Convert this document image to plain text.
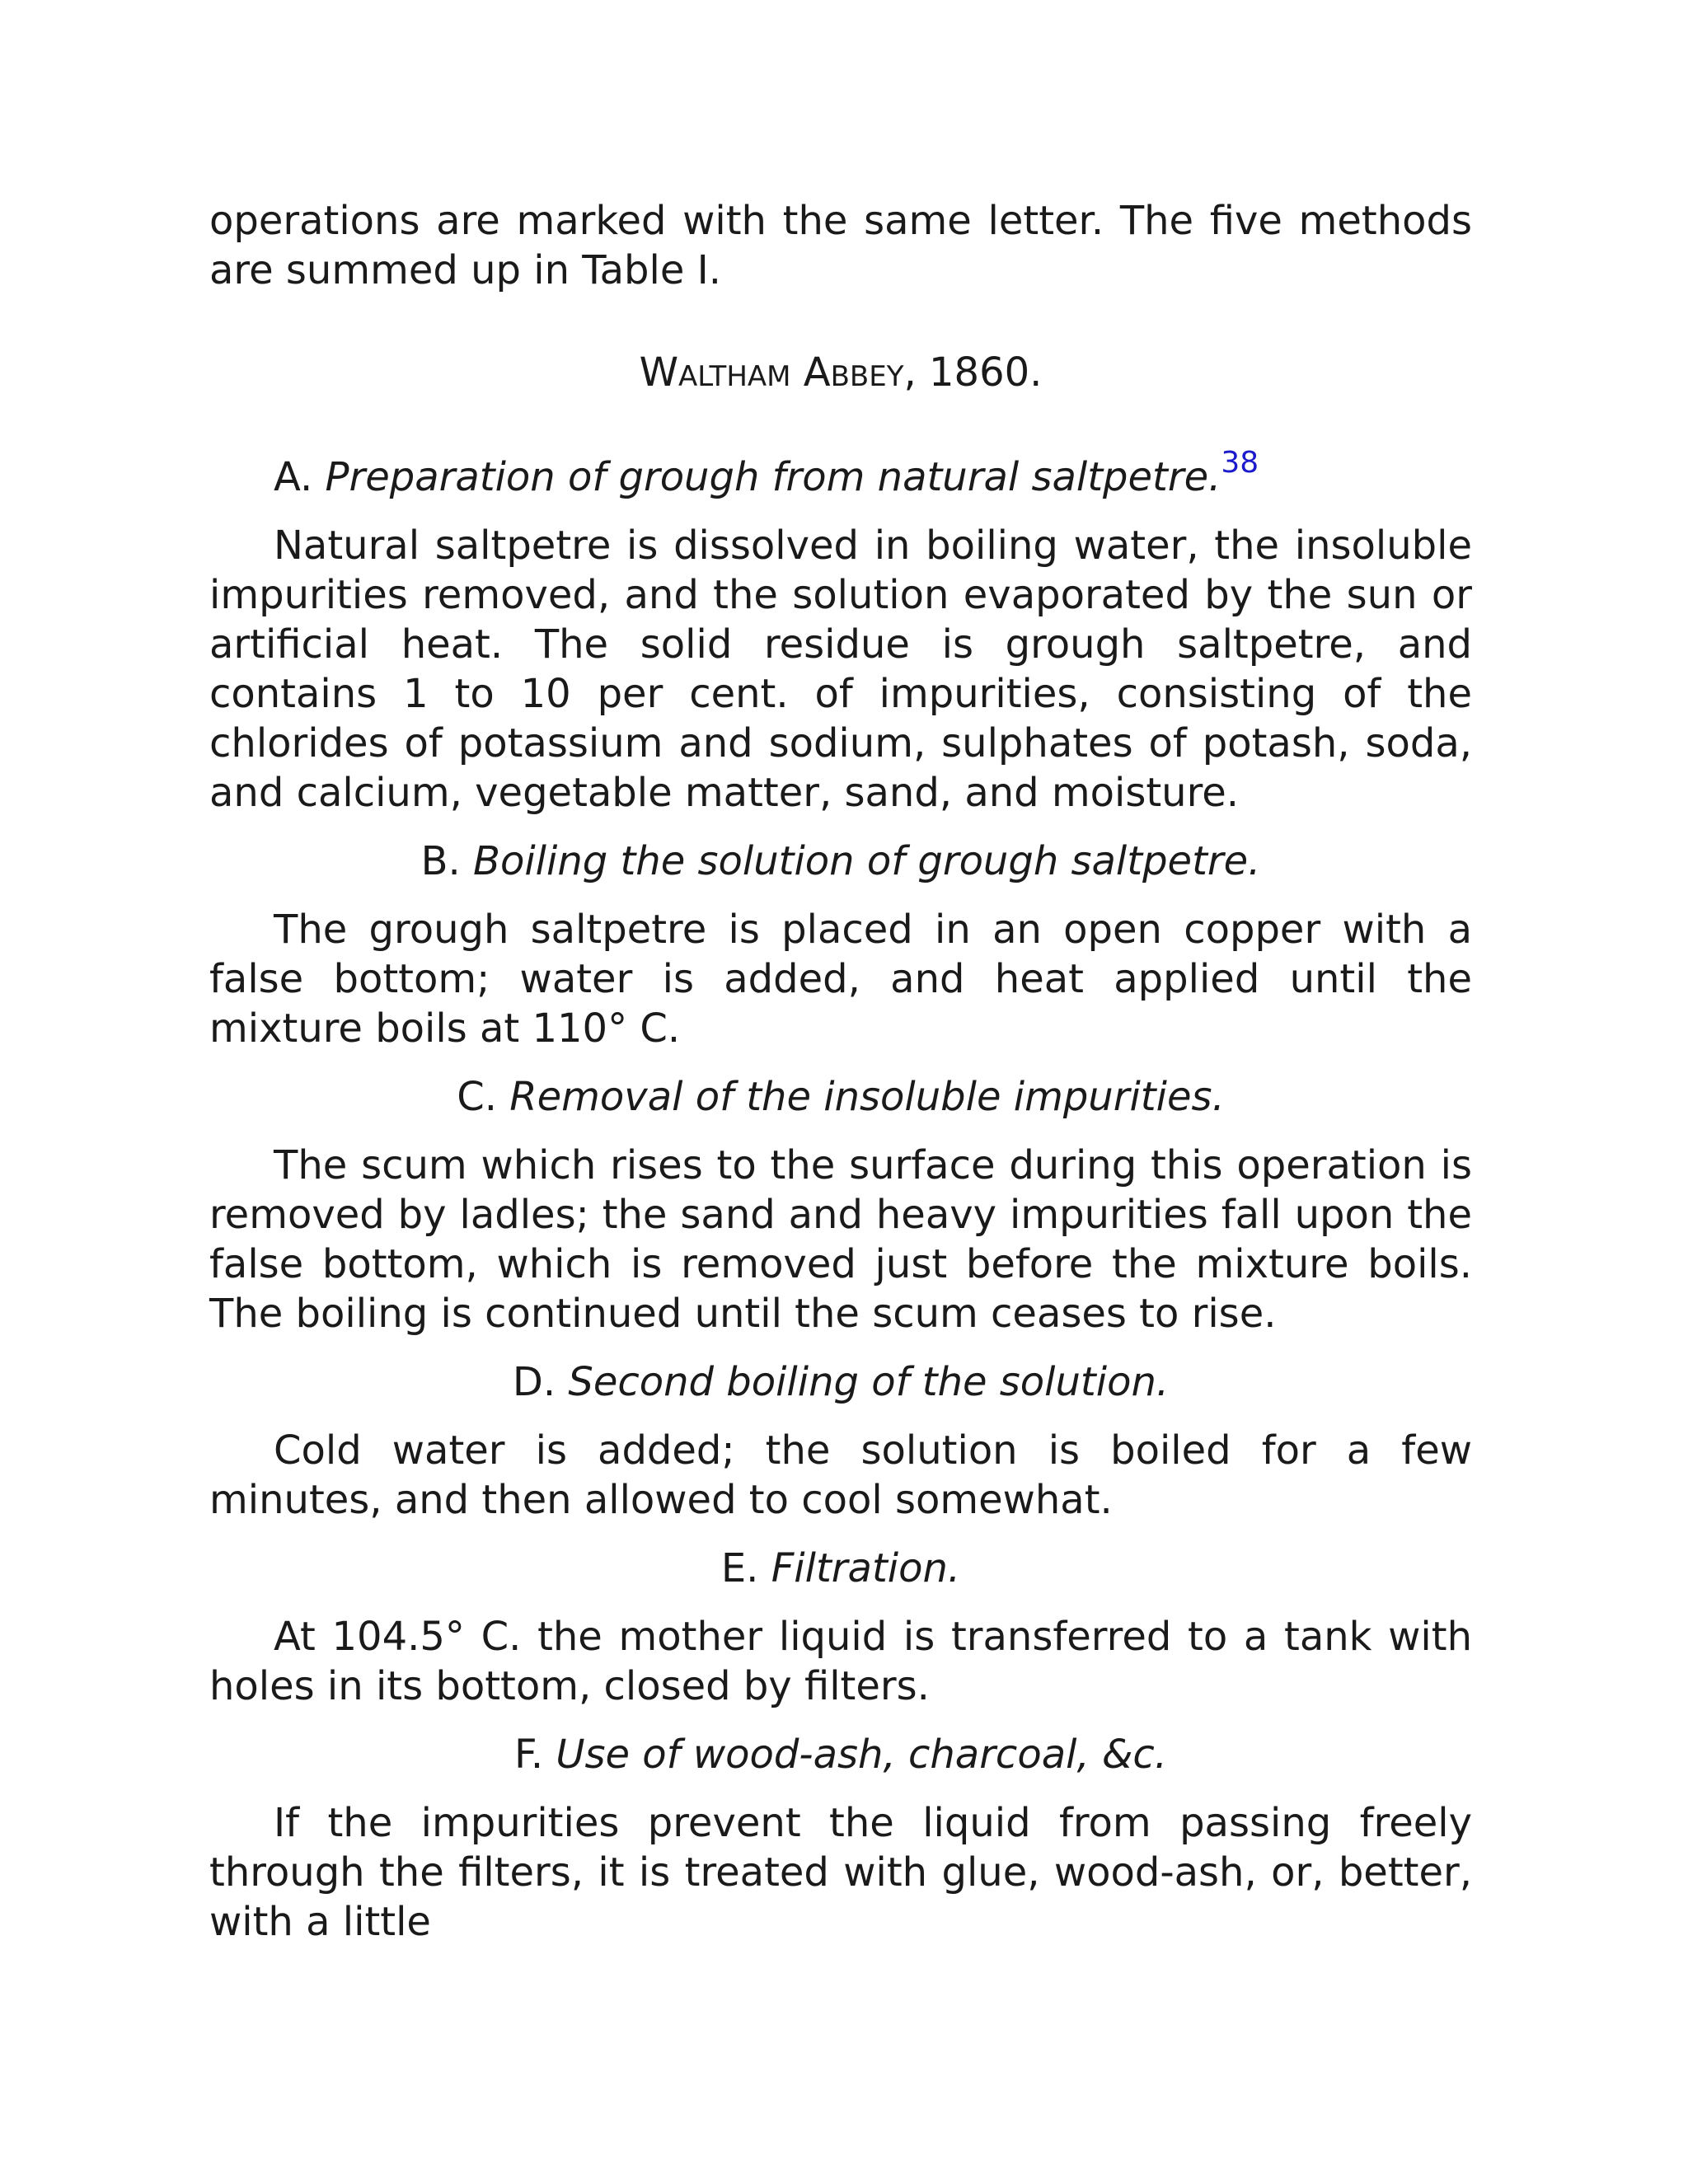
operations are marked with the same letter. The five methods are summed up in Table I.

WALTHAM ABBEY, 1860.

A. Preparation of grough from natural saltpetre.$^{38}$

Natural saltpetre is dissolved in boiling water, the insoluble impurities removed, and the solution evaporated by the sun or artificial heat. The solid residue is grough saltpetre, and contains 1 to 10 per cent. of impurities, consisting of the chlorides of potassium and sodium, sulphates of potash, soda, and calcium, vegetable matter, sand, and moisture.

B. Boiling the solution of grough saltpetre.

The grough saltpetre is placed in an open copper with a false bottom; water is added, and heat applied until the mixture boils at 110° C.

C. Removal of the insoluble impurities.

The scum which rises to the surface during this operation is removed by ladles; the sand and heavy impurities fall upon the false bottom, which is removed just before the mixture boils. The boiling is continued until the scum ceases to rise.

D. Second boiling of the solution.

Cold water is added; the solution is boiled for a few minutes, and then allowed to cool somewhat.

E. Filtration.

At 104.5° C. the mother liquid is transferred to a tank with holes in its bottom, closed by filters.

F. Use of wood-ash, charcoal, &c.

If the impurities prevent the liquid from passing freely through the filters, it is treated with glue, wood-ash, or, better, with a little
